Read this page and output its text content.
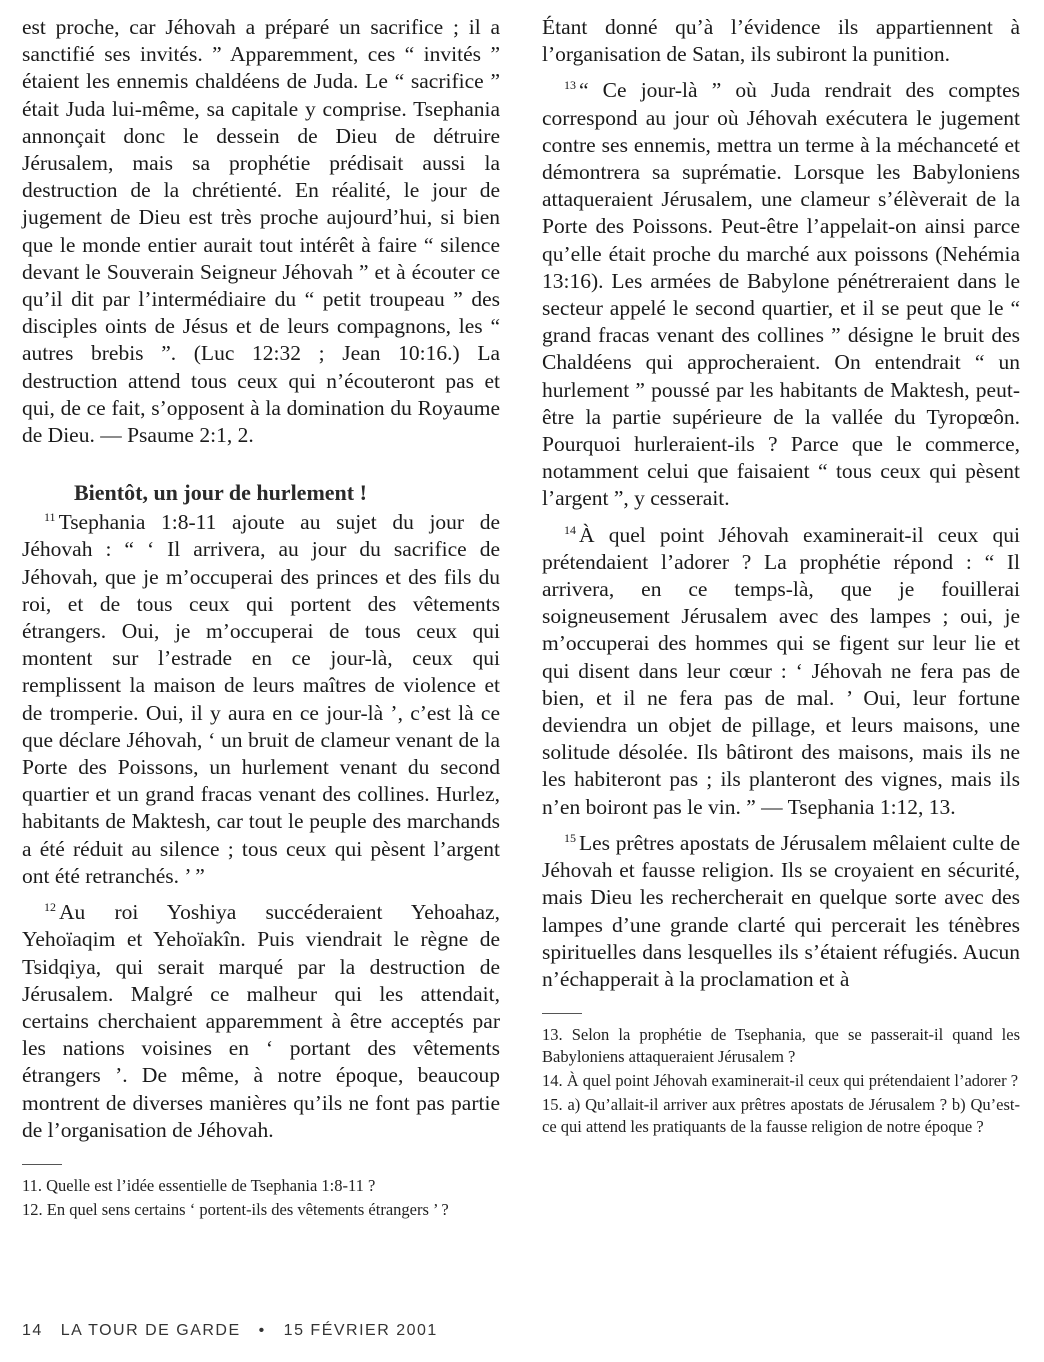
est proche, car Jéhovah a préparé un sacrifice ; il a sanctifié ses invités. ” Apparemment, ces “ invités ” étaient les ennemis chaldéens de Juda. Le “ sacrifice ” était Juda lui-même, sa capitale y comprise. Tsephania annonçait donc le dessein de Dieu de détruire Jérusalem, mais sa prophétie prédisait aussi la destruction de la chrétienté. En réalité, le jour de jugement de Dieu est très proche aujourd’hui, si bien que le monde entier aurait tout intérêt à faire “ silence devant le Souverain Seigneur Jéhovah ” et à écouter ce qu’il dit par l’intermédiaire du “ petit troupeau ” des disciples oints de Jésus et de leurs compagnons, les “ autres brebis ”. (Luc 12:32 ; Jean 10:16.) La destruction attend tous ceux qui n’écouteront pas et qui, de ce fait, s’opposent à la domination du Royaume de Dieu. — Psaume 2:1, 2.

Bientôt, un jour de hurlement !

$^{11}$ Tsephania 1:8-11 ajoute au sujet du jour de Jéhovah : “ ‘ Il arrivera, au jour du sacrifice de Jéhovah, que je m’occuperai des princes et des fils du roi, et de tous ceux qui portent des vêtements étrangers. Oui, je m’occuperai de tous ceux qui montent sur l’estrade en ce jour-là, ceux qui remplissent la maison de leurs maîtres de violence et de tromperie. Oui, il y aura en ce jour-là ’, c’est là ce que déclare Jéhovah, ‘ un bruit de clameur venant de la Porte des Poissons, un hurlement venant du second quartier et un grand fracas venant des collines. Hurlez, habitants de Maktesh, car tout le peuple des marchands a été réduit au silence ; tous ceux qui pèsent l’argent ont été retranchés. ’ ”

$^{12}$ Au roi Yoshiya succéderaient Yehoahaz, Yehoïaqim et Yehoïakîn. Puis viendrait le règne de Tsidqiya, qui serait marqué par la destruction de Jérusalem. Malgré ce malheur qui les attendait, certains cherchaient apparemment à être acceptés par les nations voisines en ‘ portant des vêtements étrangers ’. De même, à notre époque, beaucoup montrent de diverses manières qu’ils ne font pas partie de l’organisation de Jéhovah.

11. Quelle est l’idée essentielle de Tsephania 1:8-11 ?

12. En quel sens certains ‘ portent-ils des vêtements étrangers ’ ?

Étant donné qu’à l’évidence ils appartiennent à l’organisation de Satan, ils subiront la punition.

$^{13}$ “ Ce jour-là ” où Juda rendrait des comptes correspond au jour où Jéhovah exécutera le jugement contre ses ennemis, mettra un terme à la méchanceté et démontrera sa suprématie. Lorsque les Babyloniens attaqueraient Jérusalem, une clameur s’élèverait de la Porte des Poissons. Peut-être l’appelait-on ainsi parce qu’elle était proche du marché aux poissons (Nehémia 13:16). Les armées de Babylone pénétreraient dans le secteur appelé le second quartier, et il se peut que le “ grand fracas venant des collines ” désigne le bruit des Chaldéens qui approcheraient. On entendrait “ un hurlement ” poussé par les habitants de Maktesh, peut-être la partie supérieure de la vallée du Tyropœôn. Pourquoi hurleraient-ils ? Parce que le commerce, notamment celui que faisaient “ tous ceux qui pèsent l’argent ”, y cesserait.

$^{14}$ À quel point Jéhovah examinerait-il ceux qui prétendaient l’adorer ? La prophétie répond : “ Il arrivera, en ce temps-là, que je fouillerai soigneusement Jérusalem avec des lampes ; oui, je m’occuperai des hommes qui se figent sur leur lie et qui disent dans leur cœur : ‘ Jéhovah ne fera pas de bien, et il ne fera pas de mal. ’ Oui, leur fortune deviendra un objet de pillage, et leurs maisons, une solitude désolée. Ils bâtiront des maisons, mais ils ne les habiteront pas ; ils planteront des vignes, mais ils n’en boiront pas le vin. ” — Tsephania 1:12, 13.

$^{15}$ Les prêtres apostats de Jérusalem mêlaient culte de Jéhovah et fausse religion. Ils se croyaient en sécurité, mais Dieu les rechercherait en quelque sorte avec des lampes d’une grande clarté qui percerait les ténèbres spirituelles dans lesquelles ils s’étaient réfugiés. Aucun n’échapperait à la proclamation et à

13. Selon la prophétie de Tsephania, que se passerait-il quand les Babyloniens attaqueraient Jérusalem ?

14. À quel point Jéhovah examinerait-il ceux qui prétendaient l’adorer ?

15. a) Qu’allait-il arriver aux prêtres apostats de Jérusalem ? b) Qu’est-ce qui attend les pratiquants de la fausse religion de notre époque ?

14 LA TOUR DE GARDE • 15 FÉVRIER 2001
